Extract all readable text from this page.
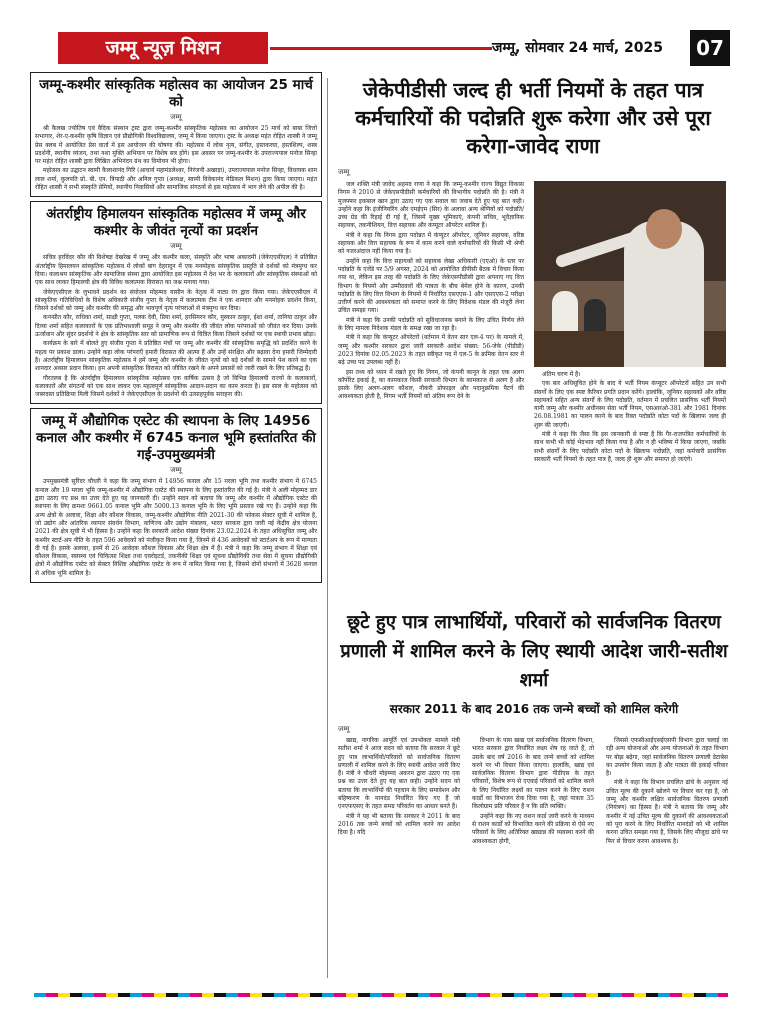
जम्मू न्यूज़ मिशन	जम्मू, सोमवार 24 मार्च, 2025	07
जम्मू-कश्मीर सांस्कृतिक महोत्सव का आयोजन 25 मार्च को
जम्मू

श्री कैलख ज्योतिष एवं वैदिक संस्थान ट्रस्ट द्वारा जम्मू-कश्मीर सांस्कृतिक महोत्सव का आयोजन 25 मार्च को बाबा जित्तो सभागार, शेर-ए-कश्मीर कृषि विज्ञान एवं प्रौद्योगिकी विश्वविद्यालय, जम्मू में किया जाएगा। ट्रस्ट के अध्यक्ष महंत रोहित शास्त्री ने जम्मू प्रेस क्लब में आयोजित प्रेस वार्ता में इस आयोजन की घोषणा की। महोत्सव में लोक नृत्य, संगीत, हस्तकरघा, हस्तशिल्प, शस्त्र प्रदर्शनी, स्थानीय व्यंजन, तथा नशा मुक्ति अभियान पर विशेष सत्र होंगे। इस अवसर पर जम्मू-कश्मीर के उपराज्यपाल मनोज सिन्हा पर महंत रोहित शास्त्री द्वारा लिखित अभिनंदन ग्रंथ का विमोचन भी होगा।

महोत्सव का उद्घाटन स्वामी कैलाशानंद गिरि (आचार्य महामंडलेश्वर, निरंजनी अखाड़ा), उपराज्यपाल मनोज सिन्हा, विधायक शाम लाल शर्मा, कुलपति प्रो. बी. एन. त्रिपाठी और अनिल गुप्ता (अध्यक्ष, स्वामी विवेकानंद मेडिकल मिशन) द्वारा किया जाएगा। महंत रोहित शास्त्री ने सभी संस्कृति प्रेमियों, स्थानीय निवासियों और सामाजिक संगठनों से इस महोत्सव में भाग लेने की अपील की है।

अंतर्राष्ट्रीय हिमालयन सांस्कृतिक महोत्सव में जम्मू और कश्मीर के जीवंत नृत्यों का प्रदर्शन
जम्मू

सचिव हरविंदर कौर की विशेषज्ञ देखरेख में जम्मू और कश्मीर कला, संस्कृति और भाषा अकादमी (जेकेएएसीएल) ने प्रतिष्ठित अंतर्राष्ट्रीय हिमालयन सांस्कृतिक महोत्सव में लोकों बाग देहरादून में एक मनमोहक सांस्कृतिक प्रस्तुति से दर्शकों को मंत्रमुग्ध कर दिया। कलाश्रय सांस्कृतिक और सामाजिक संस्था द्वारा आयोजित इस महोत्सव में देश भर के कलाकारों और सांस्कृतिक संस्थाओं को एक साथ लाकर हिमालयी क्षेत्र की विविध कलात्मक विरासत का जश्न मनाया गया।

जेकेएएसीएल के लुभावने प्रदर्शन का संयोजन मोहम्मद यासीन के नेतृत्व में नाट्य रंग द्वारा किया गया। जेकेएएसीएल में सांस्कृतिक गतिविधियों के विशेष अधिकारी संजीव गुप्ता के नेतृत्व में कलात्मक टीम ने एक शानदार और मनमोहक प्रदर्शन किया, जिसने दर्शकों को जम्मू और कश्मीर की समृद्ध और भावपूर्ण नृत्य परंपराओं से मंत्रमुग्ध कर दिया।

कनन्प्रीत कौर, राधिका शर्मा, साक्षी गुप्ता, पलक देवी, प्रिया शर्मा, हरसिमरन कौर, मुस्कान ठाकुर, ईशा शर्मा, तानिया ठाकुर और दिव्या शर्मा सहित कलाकारों के एक प्रतिभाशाली समूह ने जम्मू और कश्मीर की जीवंत लोक परंपराओं को जीवंत कर दिया। उनके ऊर्जावान और सुंदर प्रदर्शनों ने क्षेत्र के सांस्कृतिक सार को प्रामाणिक रूप से चित्रित किया जिसने दर्शकों पर एक स्थायी प्रभाव छोड़ा।

कार्यक्रम के बारे में बोलते हुए संजीव गुप्ता ने प्रतिष्ठित मंचों पर जम्मू और कश्मीर की सांस्कृतिक समृद्धि को प्रदर्शित करने के महत्व पर प्रकाश डाला। उन्होंने कहा लोक परंपराएँ हमारी विरासत की आत्मा हैं और उन्हें संरक्षित और बढ़ावा देना हमारी जिम्मेदारी है। अंतर्राष्ट्रीय हिमालयन सांस्कृतिक महोत्सव ने हमें जम्मू और कश्मीर के जीवंत नृत्यों को बड़े दर्शकों के सामने पेश करने का एक शानदार अवसर प्रदान किया। हम अपनी सांस्कृतिक विरासत को जीवित रखने के अपने प्रयासों को जारी रखने के लिए प्रतिबद्ध हैं।

गौरतलब है कि अंतर्राष्ट्रीय हिमालयन सांस्कृतिक महोत्सव एक वार्षिक उत्सव है जो विभिन्न हिमालयी राज्यों के कलाकारों, कलाकारों और संगठनों को एक साथ लाकर एक महत्वपूर्ण सांस्कृतिक आदान-प्रदान का काम करता है। इस साल के महोत्सव को जबरदस्त प्रतिक्रिया मिली जिसमें दर्शकों ने जेकेएएसीएल के प्रदर्शनों की उत्साहपूर्वक सराहना की।

जम्मू में औद्योगिक एस्टेट की स्थापना के लिए 14956 कनाल और कश्मीर में 6745 कनाल भूमि हस्तांतरित की गई-उपमुख्यमंत्री
जम्मू

उपमुख्यमंत्री सुरिंदर चौधरी ने कहा कि जम्मू संभाग में 14956 कनाल और 15 मरला भूमि तथा कश्मीर संभाग में 6745 कनाल और 19 मरला भूमि जम्मू-कश्मीर में औद्योगिक एस्टेट की स्थापना के लिए हस्तांतरित की गई है। मंत्री ने अली मोहम्मद डार द्वारा उठाए गए प्रश्न का उत्तर देते हुए यह जानकारी दी। उन्होंने सदन को बताया कि जम्मू और कश्मीर में औद्योगिक एस्टेट की स्थापना के लिए क्रमशः 9661.05 कनाल भूमि और 5000.13 कनाल भूमि के लिए भूमि प्रस्ताव रखे गए हैं। उन्होंने कहा कि अन्य क्षेत्रों के अलावा, शिक्षा और कौशल विकास, जम्मू-कश्मीर औद्योगिक नीति 2021-30 की फोकस सेक्टर सूची में शामिल है, जो उद्योग और आंतरिक व्यापार संवर्धन विभाग, वाणिज्य और उद्योग मंत्रालय, भारत सरकार द्वारा जारी नई केंद्रीय क्षेत्र योजना 2021 की क्षेत्र सूची में भी हिस्सा है। उन्होंने कहा कि सरकारी आदेश संख्या दिनांक 23.02.2024 के तहत अधिसूचित जम्मू और कश्मीर स्टार्ट-अप नीति के तहत 596 आवेदकों को पंजीकृत किया गया है, जिनमें से 436 आवेदकों को स्टार्टअप के रूप में मान्यता दी गई है। इसके अलावा, इनमें से 26 आवेदक कौशल विकास और शिक्षा क्षेत्र में हैं। मंत्री ने कहा कि जम्मू संभाग में शिक्षा एवं कौशल विकास, स्वास्थ्य एवं चिकित्सा शिक्षा तथा एवरोइटर्ड, तकनीकी शिक्षा एवं सूचना प्रौद्योगिकी तथा सेवा में सूचना प्रौद्योगिकी क्षेत्रों में औद्योगिक एस्टेट को सेक्टर विशिष्ट औद्योगिक एस्टेट के रूप में नामित किया गया है, जिसमें दोनों संभागों में 3628 कनाल से अधिक भूमि शामिल है।

जेकेपीडीसी जल्द ही भर्ती नियमों के तहत पात्र कर्मचारियों की पदोन्नति शुरू करेगा और उसे पूरा करेगा-जावेद राणा
जम्मू

जल शक्ति मंत्री जावेद अहमद राणा ने कहा कि जम्मू-कश्मीर राज्य विद्युत विकास निगम ने 2010 से जेकेएसपीडीसी कर्मचारियों की विभागीय पदोन्नति की है। मंत्री ने मुजफ्फर इकबाल खान द्वारा उठाए गए एक सवाल का जवाब देते हुए यह बात कही। उन्होंने कहा कि इंजीनियरिंग और एमईएम (सिर) के अलावा अन्य श्रेणियों को पदोन्नति/उच्च ग्रेड की रिहाई दी गई है, जिसमें मुख्य भूमिकाएं, कंपनी सचिव, भूवैज्ञानिक सहायक, तकनीशियन, वित्त सहायक और कंप्यूटर ऑपरेटर शामिल हैं।

मंत्री ने कहा कि निगम द्वारा पदोन्नत में कंप्यूटर ऑपरेटर, जूनियर सहायक, वरिष्ठ सहायक और वित्त सहायक के रूप में काम करने वाले कर्मचारियों की किसी भी श्रेणी को नजरअंदाज नहीं किया गया है।

उन्होंने कहा कि वित्त सहायकों को सहायक लेखा अधिकारी (एएओ) के स्तर पर पदोन्नति के एजेंडे पर 5/9 अगस्त, 2024 को आयोजित डीपीसी बैठक में विचार किया गया था, लेकिन इस तरह की पदोन्नति के लिए जेकेएसपीडीसी द्वारा अपनाए गए वित्त विभाग के नियमों और उम्मीदवारों की पात्रता के बीच बेमेल होने के कारण, उनकी पदोन्नति के लिए वित्त विभाग के नियमों में निर्धारित एसएएस-1 और एसएएस-2 परीक्षा उत्तीर्ण करने की आवश्यकता को समाप्त करने के लिए निदेशक मंडल की मंजूरी लेना उचित समझा गया।

मंत्री ने कहा कि उनकी पदोन्नति को सुविधाजनक बनाने के लिए उचित निर्णय लेने के लिए मामला निदेशक मंडल के समक्ष रखा जा रहा है।

मंत्री ने कहा कि कंप्यूटर ऑपरेटरों (वर्तमान में वेतन स्तर एल-4 पर) के मामले में, जम्मू और कश्मीर सरकार द्वारा जारी सरकारी आदेश संख्या: 56-जेके (पीडीडी) 2023 दिनांक 02.05.2023 के तहत स्वीकृत पद में एल-5 के क्रमिक वेतन स्तर में बढ़े उच्च पद उपलब्ध नहीं हैं।

इस तथ्य को ध्यान में रखते हुए कि निगम, जो कंपनी कानून के तहत एक अलग कॉर्पोरेट इकाई है, का कामकाज किसी सरकारी विभाग के कामकाज से अलग है और इसके लिए अलग-अलग कौशल, नौकरी प्रोफाइल और पदानुक्रमिक पैटर्न की आवश्यकता होती है, निगम भर्ती नियमों को अंतिम रूप देने के

अंतिम चरण में है।

एक बार अधिसूचित होने के बाद ये भर्ती नियम कंप्यूटर ऑपरेटरों सहित उन सभी संवर्गों के लिए एक स्पष्ट कैरियर प्रगति प्रदान करेंगे। हालांकि, जूनियर सहायकों और वरिष्ठ सहायकों सहित अन्य संवर्गों के लिए पदोन्नति, वर्तमान में प्रचलित प्रासंगिक भर्ती नियमों यानी जम्मू और कश्मीर अधीनस्थ सेवा भर्ती नियम, एसआरओ-381 और 1981 दिनांक 26.08.1981 का पालन करने के बाद रिक्त पदोन्नति कोटा पदों के खिलाफ जल्द ही शुरू की जाएगी।

मंत्री ने कहा कि जैसा कि इस जानकारी से स्पष्ट है कि गैर-राजपत्रित कर्मचारियों के साथ कभी भी कोई भेदभाव नहीं किया गया है और न ही भविष्य में किया जाएगा, जबकि सभी संवर्गों के लिए पदोन्नति कोटा पदों के खिलाफ पदोन्नति, जहां कर्मचारी प्रासंगिक सरकारी भर्ती नियमों के तहत पात्र हैं, जल्द ही शुरू और समाप्त हो जाएंगे।

छूटे हुए पात्र लाभार्थियों, परिवारों को सार्वजनिक वितरण प्रणाली में शामिल करने के लिए स्थायी आदेश जारी-सतीश शर्मा
सरकार 2011 के बाद 2016 तक जन्मे बच्चों को शामिल करेगी
जम्मू

खाद्य, नागरिक आपूर्ति एवं उपभोक्ता मामले मंत्री सतीश शर्मा ने आज सदन को बताया कि सरकार ने छूटे हुए पात्र लाभार्थियों/परिवारों को सार्वजनिक वितरण प्रणाली में शामिल करने के लिए स्थायी आदेश जारी किए हैं। मंत्री ने चौधरी मोहम्मद अकरम द्वारा उठाए गए एक प्रश्न का उत्तर देते हुए यह बात कही। उन्होंने सदन को बताया कि लाभार्थियों की पहचान के लिए समावेशन और बहिष्करण के मानदंड निर्धारित किए गए हैं जो एनएफएसए के तहत समग्र परिवर्तन का आधार बनते हैं।

मंत्री ने यह भी बताया कि सरकार ने 2011 के बाद 2016 तक जन्मे बच्चों को शामिल करने का आदेश दिया है। यदि

विभाग के पास खाद्य एवं सार्वजनिक वितरण विभाग, भारत सरकार द्वारा निर्धारित लक्ष्य शेष रह जाते हैं, तो उसके बाद वर्ष 2016 के बाद जन्मे बच्चों को शामिल करने पर भी विचार किया जाएगा। हालांकि, खाद्य एवं सार्वजनिक वितरण विभाग द्वारा पीडीएस के तहत परिवारों, विशेष रूप से एएवाई परिवारों को शामिल करने के लिए निर्धारित लक्ष्यों का पालन करने के लिए राशन कार्डों का विभाजन रोक दिया गया है, जहां पात्रता 35 किलोग्राम प्रति परिवार है न कि प्रति व्यक्ति।

उन्होंने कहा कि नए राशन कार्ड जारी करने के माध्यम से राशन कार्डों को विभाजित करने की प्रक्रिया से ऐसे नए परिवारों के लिए अतिरिक्त खाद्यान्न की व्यवस्था करने की आवश्यकता होगी,

जिससे एफसीआईएसईएसपी विभाग द्वारा चलाई जा रही अन्य योजनाओं और अन्य योजनाओं के तहत विभाग पर बोझ बढ़ेगा, जहां सार्वजनिक वितरण प्रणाली डेटाबेस का उपयोग किया जाता है और पात्रता की इकाई परिवार है।

मंत्री ने कहा कि विभाग प्रचलित ढांचे के अनुसार नई उचित मूल्य की दुकानें खोलने पर विचार कर रहा है, जो जम्मू और कश्मीर लक्षित सार्वजनिक वितरण प्रणाली (नियंत्रण) का हिस्सा है। मंत्री ने बताया कि जम्मू और कश्मीर में नई उचित मूल्य की दुकानों की आवश्यकताओं को पूरा करने के लिए निर्धारित मानदंडों को भी शामिल करना उचित समझा गया है, जिसके लिए मौजूदा ढांचे पर फिर से विचार करना आवश्यक है।
